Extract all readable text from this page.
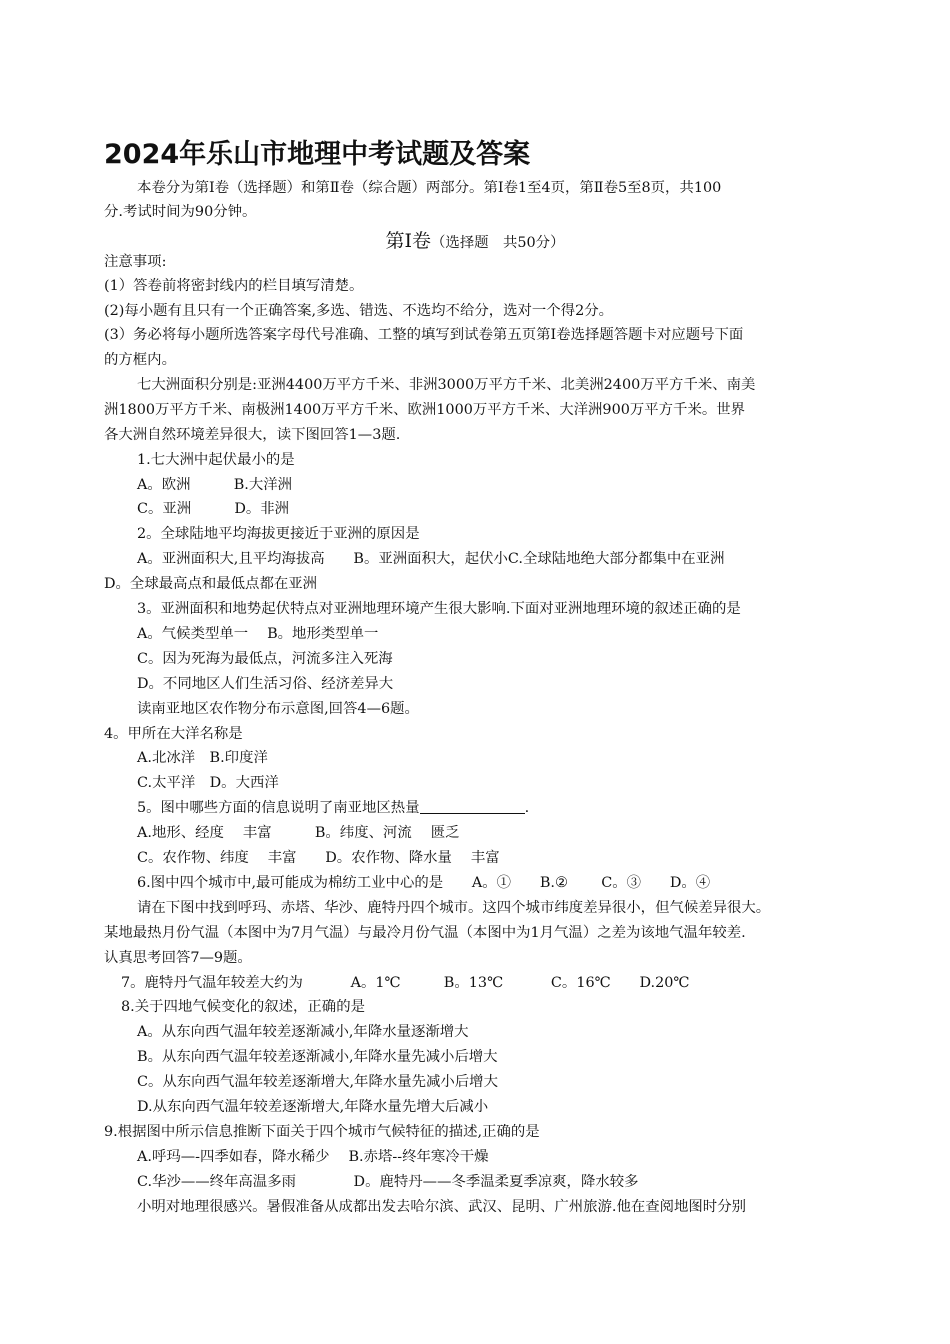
2024年乐山市地理中考试题及答案
本卷分为第Ⅰ卷（选择题）和第Ⅱ卷（综合题）两部分。第Ⅰ卷1至4页，第Ⅱ卷5至8页，共100
分.考试时间为90分钟。
第Ⅰ卷（选择题　共50分）
注意事项:
(1）答卷前将密封线内的栏目填写清楚。
(2)每小题有且只有一个正确答案,多选、错选、不选均不给分，选对一个得2分。
(3）务必将每小题所选答案字母代号准确、工整的填写到试卷第五页第Ⅰ卷选择题答题卡对应题号下面
的方框内。
七大洲面积分别是:亚洲4400万平方千米、非洲3000万平方千米、北美洲2400万平方千米、南美
洲1800万平方千米、南极洲1400万平方千米、欧洲1000万平方千米、大洋洲900万平方千米。世界
各大洲自然环境差异很大，读下图回答1—3题.
1.七大洲中起伏最小的是
A。欧洲　　　B.大洋洲
C。亚洲　　　D。非洲
2。全球陆地平均海拔更接近于亚洲的原因是
A。亚洲面积大,且平均海拔高　　B。亚洲面积大，起伏小C.全球陆地绝大部分都集中在亚洲
D。全球最高点和最低点都在亚洲
3。亚洲面积和地势起伏特点对亚洲地理环境产生很大影响.下面对亚洲地理环境的叙述正确的是
A。气候类型单一　 B。地形类型单一
C。因为死海为最低点，河流多注入死海
D。不同地区人们生活习俗、经济差异大
读南亚地区农作物分布示意图,回答4—6题。
4。甲所在大洋名称是
A.北冰洋　B.印度洋
C.太平洋　D。大西洋
5。图中哪些方面的信息说明了南亚地区热量	.
A.地形、经度　 丰富　　　B。纬度、河流　 匮乏
C。农作物、纬度　 丰富　　D。农作物、降水量　 丰富
6.图中四个城市中,最可能成为棉纺工业中心的是　　A。①　　B.②　　 C。③　　D。④
请在下图中找到呼玛、赤塔、华沙、鹿特丹四个城市。这四个城市纬度差异很小，但气候差异很大。
某地最热月份气温（本图中为7月气温）与最冷月份气温（本图中为1月气温）之差为该地气温年较差.
认真思考回答7—9题。
7。鹿特丹气温年较差大约为　　　 A。1℃　　　B。13℃　　　 C。16℃　　D.20℃
8.关于四地气候变化的叙述，正确的是
A。从东向西气温年较差逐渐减小,年降水量逐渐增大
B。从东向西气温年较差逐渐减小,年降水量先减小后增大
C。从东向西气温年较差逐渐增大,年降水量先减小后增大
D.从东向西气温年较差逐渐增大,年降水量先增大后减小
9.根据图中所示信息推断下面关于四个城市气候特征的描述,正确的是
A.呼玛—-四季如春，降水稀少　 B.赤塔--终年寒冷干燥
C.华沙——终年高温多雨　　　　D。鹿特丹——冬季温柔夏季凉爽，降水较多
小明对地理很感兴。暑假准备从成都出发去哈尔滨、武汉、昆明、广州旅游.他在查阅地图时分别
